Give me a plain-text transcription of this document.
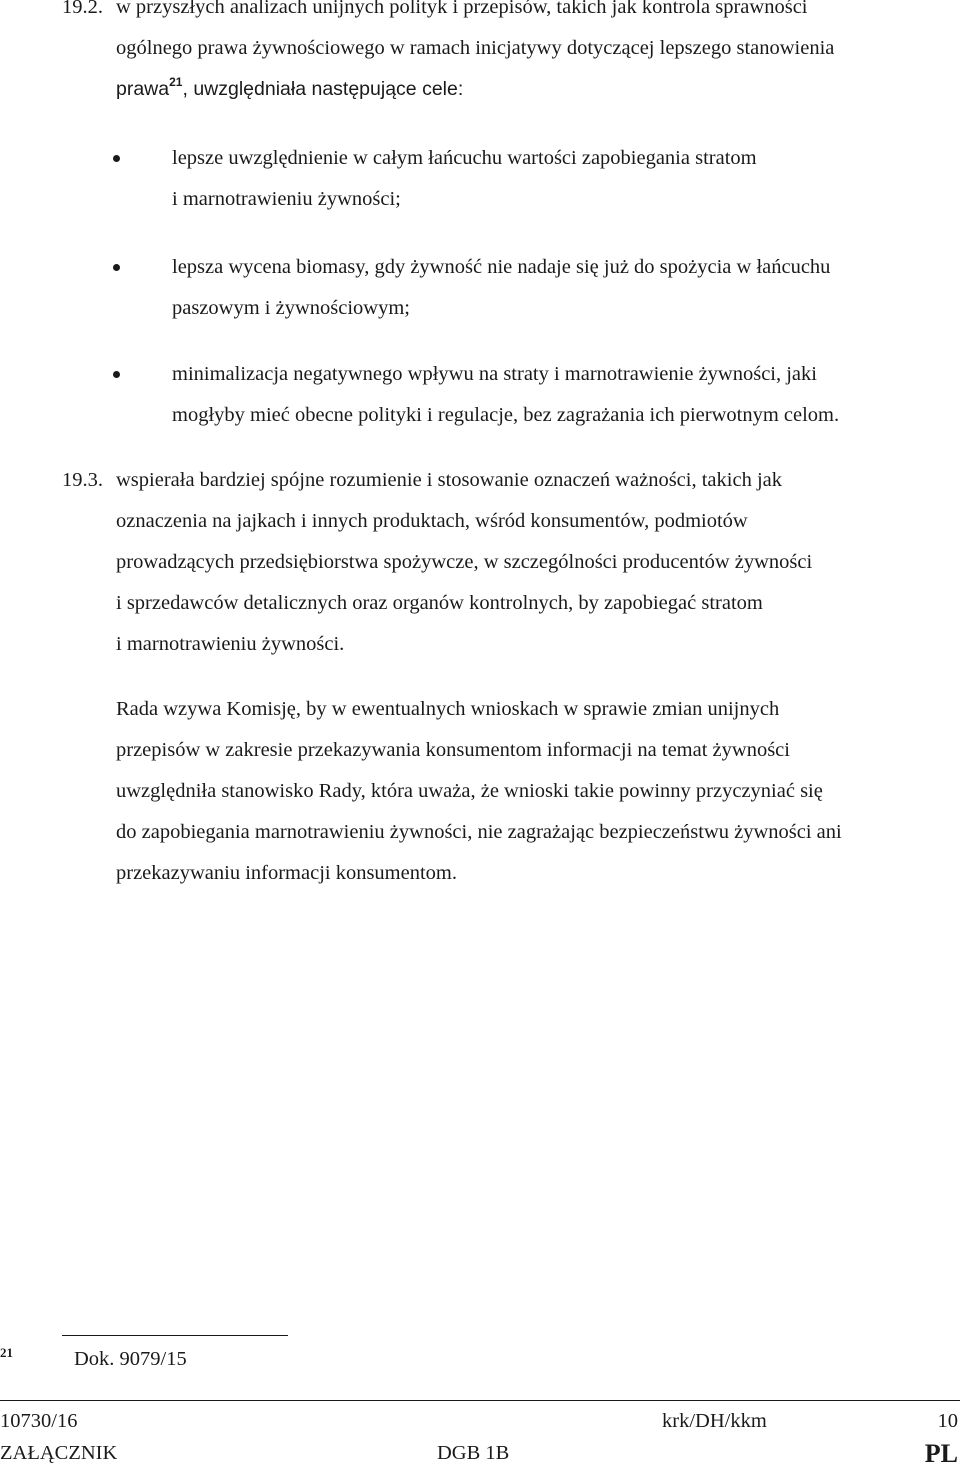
19.2. w przyszłych analizach unijnych polityk i przepisów, takich jak kontrola sprawności
ogólnego prawa żywnościowego w ramach inicjatywy dotyczącej lepszego stanowienia
prawa$^{21}$, uwzględniała następujące cele:
lepsze uwzględnienie w całym łańcuchu wartości zapobiegania stratom
i marnotrawieniu żywności;
lepsza wycena biomasy, gdy żywność nie nadaje się już do spożycia w łańcuchu
paszowym i żywnościowym;
minimalizacja negatywnego wpływu na straty i marnotrawienie żywności, jaki
mogłyby mieć obecne polityki i regulacje, bez zagrażania ich pierwotnym celom.
19.3. wspierała bardziej spójne rozumienie i stosowanie oznaczeń ważności, takich jak
oznaczenia na jajkach i innych produktach, wśród konsumentów, podmiotów
prowadzących przedsiębiorstwa spożywcze, w szczególności producentów żywności
i sprzedawców detalicznych oraz organów kontrolnych, by zapobiegać stratom
i marnotrawieniu żywności.
Rada wzywa Komisję, by w ewentualnych wnioskach w sprawie zmian unijnych
przepisów w zakresie przekazywania konsumentom informacji na temat żywności
uwzględniła stanowisko Rady, która uważa, że wnioski takie powinny przyczyniać się
do zapobiegania marnotrawieniu żywności, nie zagrażając bezpieczeństwu żywności ani
przekazywaniu informacji konsumentom.
21	Dok. 9079/15
10730/16	krk/DH/kkm	10
ZAŁĄCZNIK	DGB 1B	PL
